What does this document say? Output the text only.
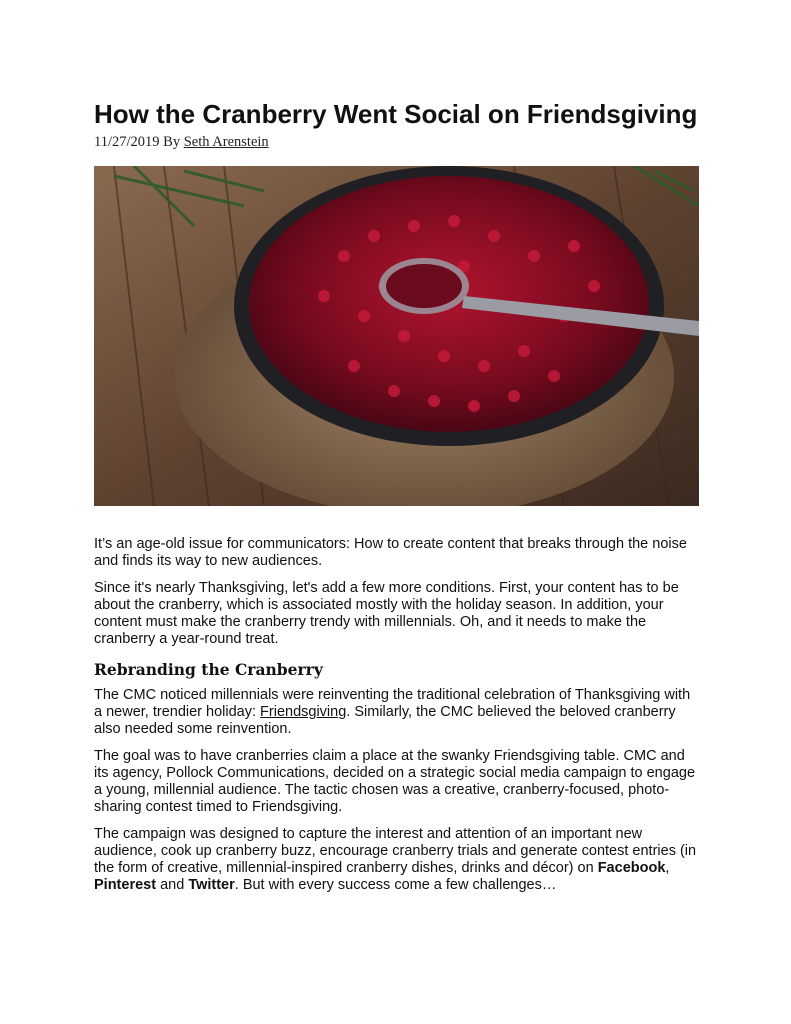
How the Cranberry Went Social on Friendsgiving
11/27/2019 By Seth Arenstein

It’s an age-old issue for communicators: How to create content that breaks through the noise and finds its way to new audiences.

Since it's nearly Thanksgiving, let's add a few more conditions. First, your content has to be about the cranberry, which is associated mostly with the holiday season. In addition, your content must make the cranberry trendy with millennials. Oh, and it needs to make the cranberry a year-round treat.

Rebranding the Cranberry

The CMC noticed millennials were reinventing the traditional celebration of Thanksgiving with a newer, trendier holiday: Friendsgiving. Similarly, the CMC believed the beloved cranberry also needed some reinvention.

The goal was to have cranberries claim a place at the swanky Friendsgiving table. CMC and its agency, Pollock Communications, decided on a strategic social media campaign to engage a young, millennial audience. The tactic chosen was a creative, cranberry-focused, photo-sharing contest timed to Friendsgiving.

The campaign was designed to capture the interest and attention of an important new audience, cook up cranberry buzz, encourage cranberry trials and generate contest entries (in the form of creative, millennial-inspired cranberry dishes, drinks and décor) on Facebook, Pinterest and Twitter. But with every success come a few challenges…
